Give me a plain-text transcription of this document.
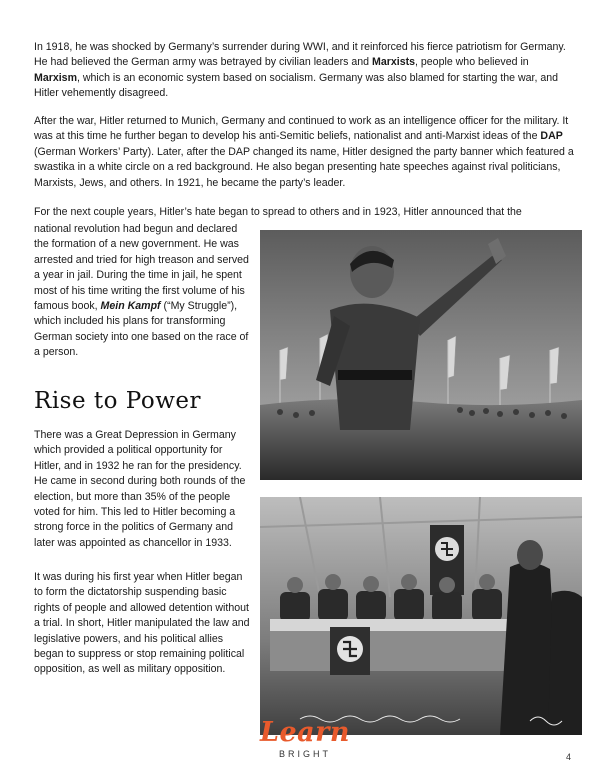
In 1918, he was shocked by Germany’s surrender during WWI, and it reinforced his fierce patriotism for Germany. He had believed the German army was betrayed by civilian leaders and Marxists, people who believed in Marxism, which is an economic system based on socialism. Germany was also blamed for starting the war, and Hitler vehemently disagreed.

After the war, Hitler returned to Munich, Germany and continued to work as an intelligence officer for the military. It was at this time he further began to develop his anti-Semitic beliefs, nationalist and anti-Marxist ideas of the DAP (German Workers’ Party). Later, after the DAP changed its name, Hitler designed the party banner which featured a swastika in a white circle on a red background. He also began presenting hate speeches against rival politicians, Marxists, Jews, and others. In 1921, he became the party’s leader.

For the next couple years, Hitler’s hate began to spread to others and in 1923, Hitler announced that the

national revolution had begun and declared the formation of a new government. He was arrested and tried for high treason and served a year in jail. During the time in jail, he spent most of his time writing the first volume of his famous book, Mein Kampf (“My Struggle”), which included his plans for transforming German society into one based on the race of a person.

Rise to Power

There was a Great Depression in Germany which provided a political opportunity for Hitler, and in 1932 he ran for the presidency. He came in second during both rounds of the election, but more than 35% of the people voted for him. This led to Hitler becoming a strong force in the politics of Germany and later was appointed as chancellor in 1933.

It was during his first year when Hitler began to form the dictatorship suspending basic rights of people and allowed detention without a trial. In short, Hitler manipulated the law and legislative powers, and his political allies began to suppress or stop remaining political opposition, as well as military opposition.

Learn
BRIGHT	4
